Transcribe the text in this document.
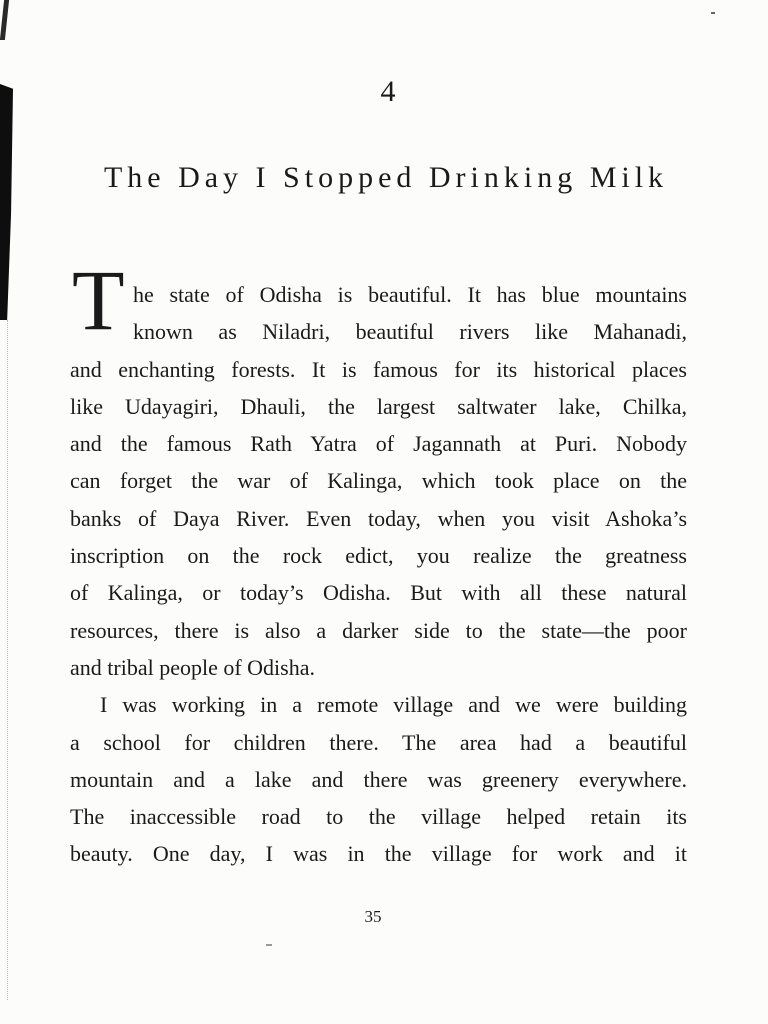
4
The Day I Stopped Drinking Milk
T he state of Odisha is beautiful. It has blue mountains
known as Niladri, beautiful rivers like Mahanadi,
and enchanting forests. It is famous for its historical places
like Udayagiri, Dhauli, the largest saltwater lake, Chilka,
and the famous Rath Yatra of Jagannath at Puri. Nobody
can forget the war of Kalinga, which took place on the
banks of Daya River. Even today, when you visit Ashoka’s
inscription on the rock edict, you realize the greatness
of Kalinga, or today’s Odisha. But with all these natural
resources, there is also a darker side to the state—the poor
and tribal people of Odisha.
I was working in a remote village and we were building
a school for children there. The area had a beautiful
mountain and a lake and there was greenery everywhere.
The inaccessible road to the village helped retain its
beauty. One day, I was in the village for work and it
35
